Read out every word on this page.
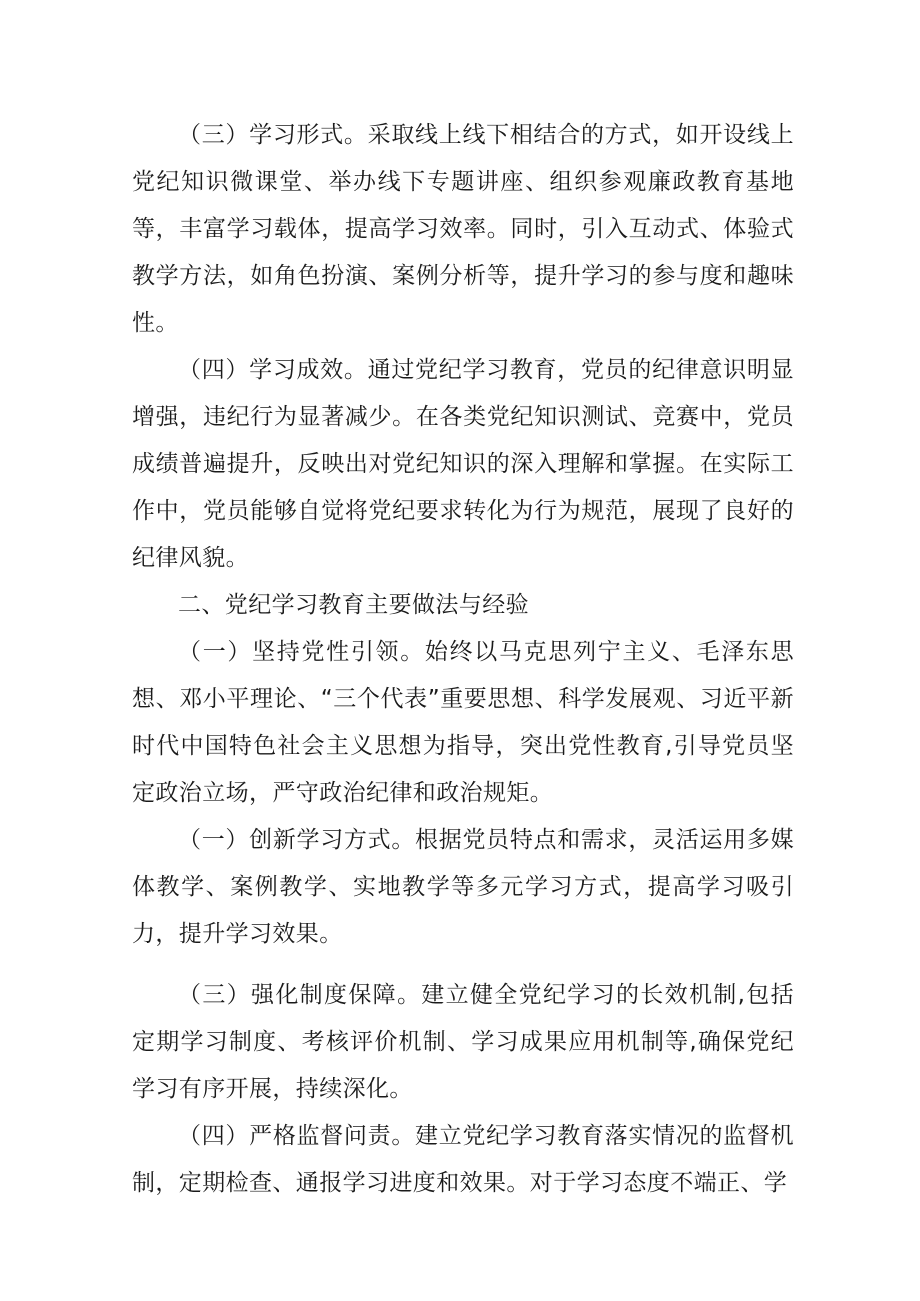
（三）学习形式。采取线上线下相结合的方式，如开设线上党纪知识微课堂、举办线下专题讲座、组织参观廉政教育基地等，丰富学习载体，提高学习效率。同时，引入互动式、体验式教学方法，如角色扮演、案例分析等，提升学习的参与度和趣味性。

（四）学习成效。通过党纪学习教育，党员的纪律意识明显增强，违纪行为显著减少。在各类党纪知识测试、竞赛中，党员成绩普遍提升，反映出对党纪知识的深入理解和掌握。在实际工作中，党员能够自觉将党纪要求转化为行为规范，展现了良好的纪律风貌。

二、党纪学习教育主要做法与经验

（一）坚持党性引领。始终以马克思列宁主义、毛泽东思想、邓小平理论、“三个代表”重要思想、科学发展观、习近平新时代中国特色社会主义思想为指导，突出党性教育,引导党员坚定政治立场，严守政治纪律和政治规矩。

（一）创新学习方式。根据党员特点和需求，灵活运用多媒体教学、案例教学、实地教学等多元学习方式，提高学习吸引力，提升学习效果。

（三）强化制度保障。建立健全党纪学习的长效机制,包括定期学习制度、考核评价机制、学习成果应用机制等,确保党纪学习有序开展，持续深化。

（四）严格监督问责。建立党纪学习教育落实情况的监督机制，定期检查、通报学习进度和效果。对于学习态度不端正、学
